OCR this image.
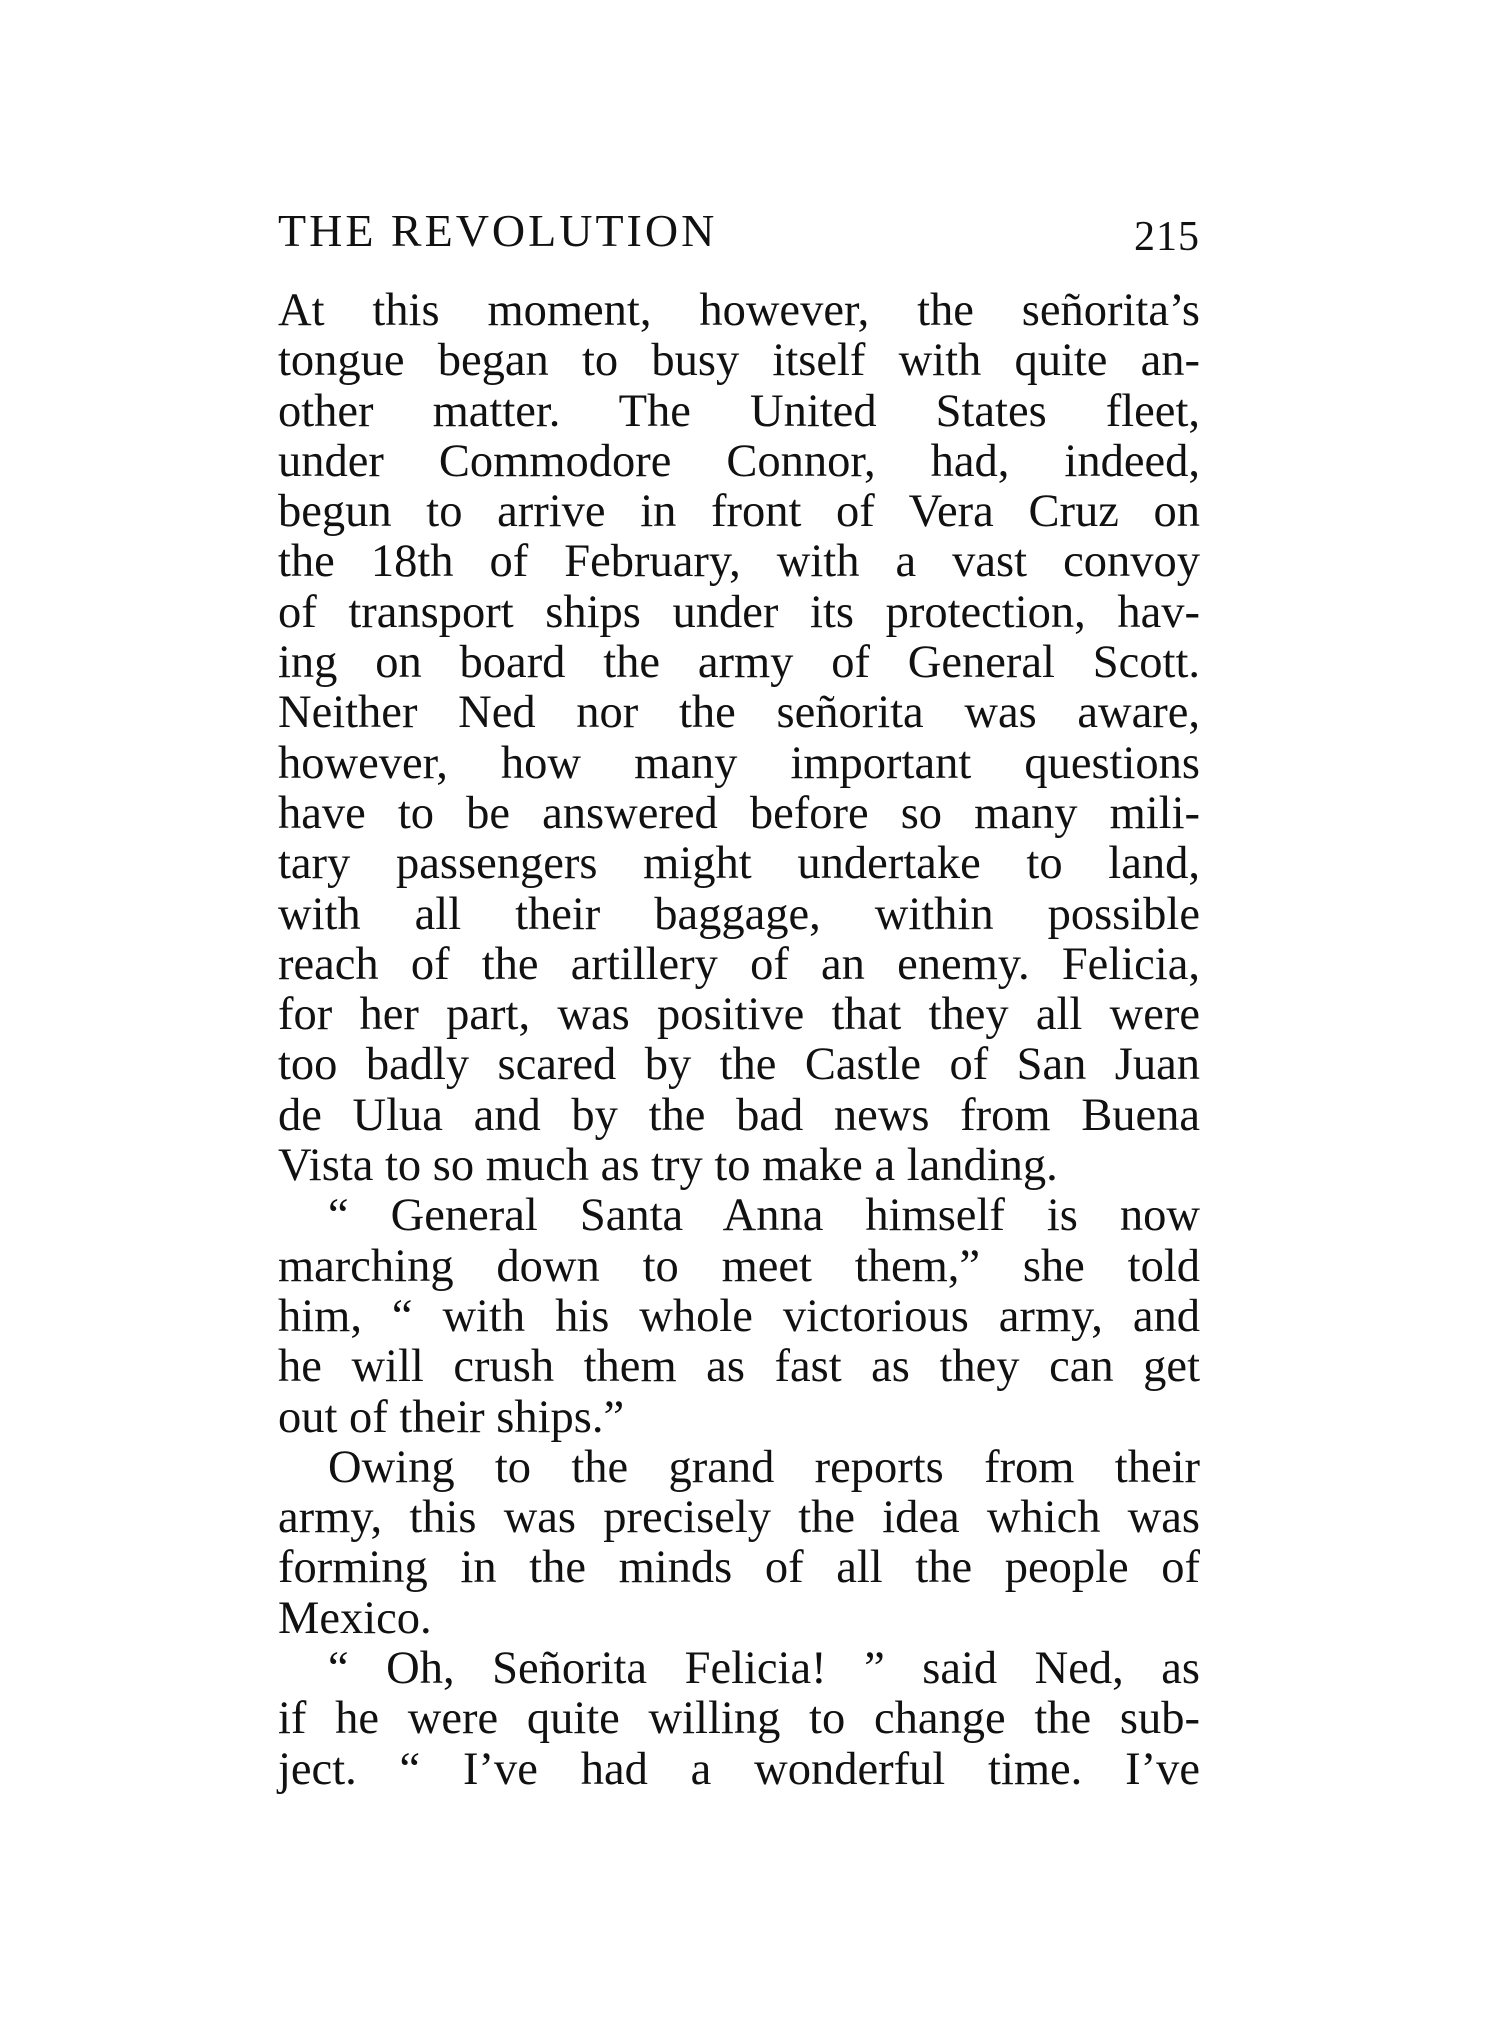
THE REVOLUTION	215
At this moment, however, the señorita’s
tongue began to busy itself with quite an-
other matter. The United States fleet,
under Commodore Connor, had, indeed,
begun to arrive in front of Vera Cruz on
the 18th of February, with a vast convoy
of transport ships under its protection, hav-
ing on board the army of General Scott.
Neither Ned nor the señorita was aware,
however, how many important questions
have to be answered before so many mili-
tary passengers might undertake to land,
with all their baggage, within possible
reach of the artillery of an enemy. Felicia,
for her part, was positive that they all were
too badly scared by the Castle of San Juan
de Ulua and by the bad news from Buena
Vista to so much as try to make a landing.
“ General Santa Anna himself is now
marching down to meet them,” she told
him, “ with his whole victorious army, and
he will crush them as fast as they can get
out of their ships.”
Owing to the grand reports from their
army, this was precisely the idea which was
forming in the minds of all the people of
Mexico.
“ Oh, Señorita Felicia! ” said Ned, as
if he were quite willing to change the sub-
ject. “ I’ve had a wonderful time. I’ve
